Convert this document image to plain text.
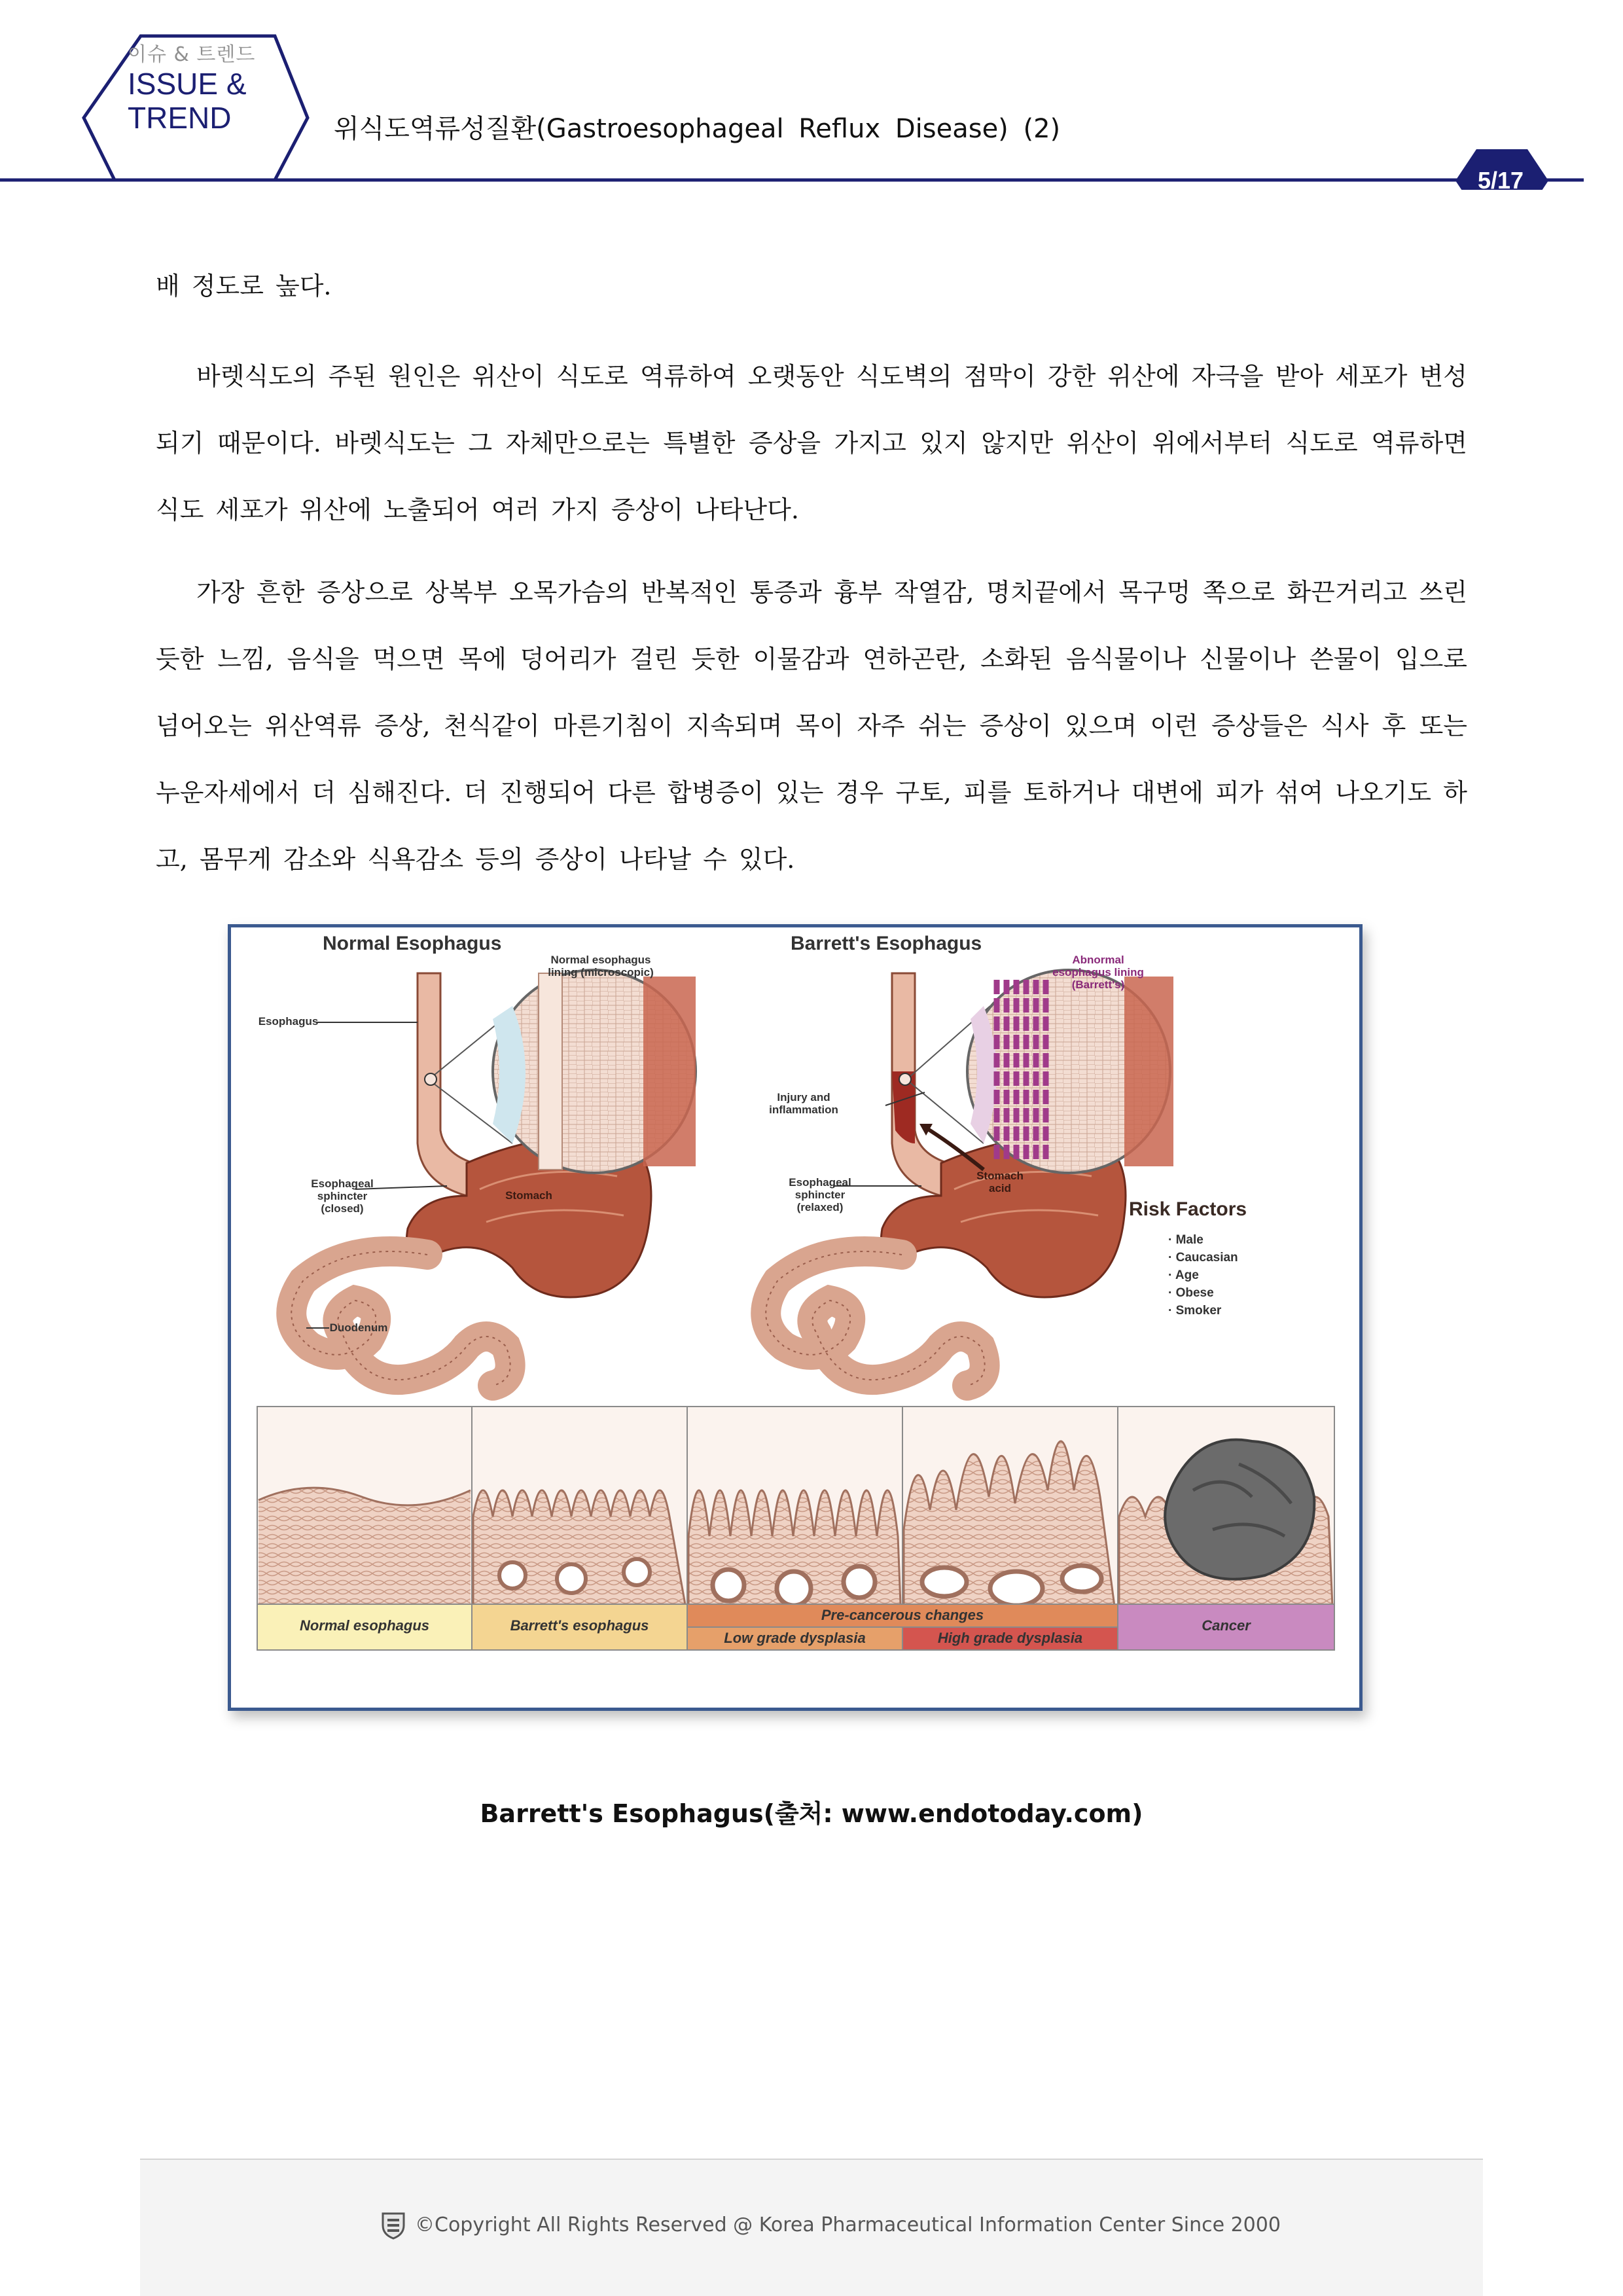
이슈 & 트렌드
ISSUE &
TREND	위식도역류성질환(Gastroesophageal Reflux Disease) (2)
5/17

배 정도로 높다.

바렛식도의 주된 원인은 위산이 식도로 역류하여 오랫동안 식도벽의 점막이 강한 위산에 자극을 받아 세포가 변성되기 때문이다. 바렛식도는 그 자체만으로는 특별한 증상을 가지고 있지 않지만 위산이 위에서부터 식도로 역류하면 식도 세포가 위산에 노출되어 여러 가지 증상이 나타난다.

가장 흔한 증상으로 상복부 오목가슴의 반복적인 통증과 흉부 작열감, 명치끝에서 목구멍 쪽으로 화끈거리고 쓰린 듯한 느낌, 음식을 먹으면 목에 덩어리가 걸린 듯한 이물감과 연하곤란, 소화된 음식물이나 신물이나 쓴물이 입으로 넘어오는 위산역류 증상, 천식같이 마른기침이 지속되며 목이 자주 쉬는 증상이 있으며 이런 증상들은 식사 후 또는 누운자세에서 더 심해진다. 더 진행되어 다른 합병증이 있는 경우 구토, 피를 토하거나 대변에 피가 섞여 나오기도 하고, 몸무게 감소와 식욕감소 등의 증상이 나타날 수 있다.

Normal Esophagus	Barrett's Esophagus
Normal esophagus lining (microscopic)
Abnormal esophagus lining (Barrett's)
Esophagus
Esophageal sphincter (closed)
Stomach
Duodenum
Injury and inflammation
Esophageal sphincter (relaxed)
Stomach acid
Risk Factors
· Male
· Caucasian
· Age
· Obese
· Smoker
Normal esophagus	Barrett's esophagus
Pre-cancerous changes
Low grade dysplasia	High grade dysplasia
Cancer
Barrett's Esophagus(출처: www.endotoday.com)
©Copyright All Rights Reserved @ Korea Pharmaceutical Information Center Since 2000
